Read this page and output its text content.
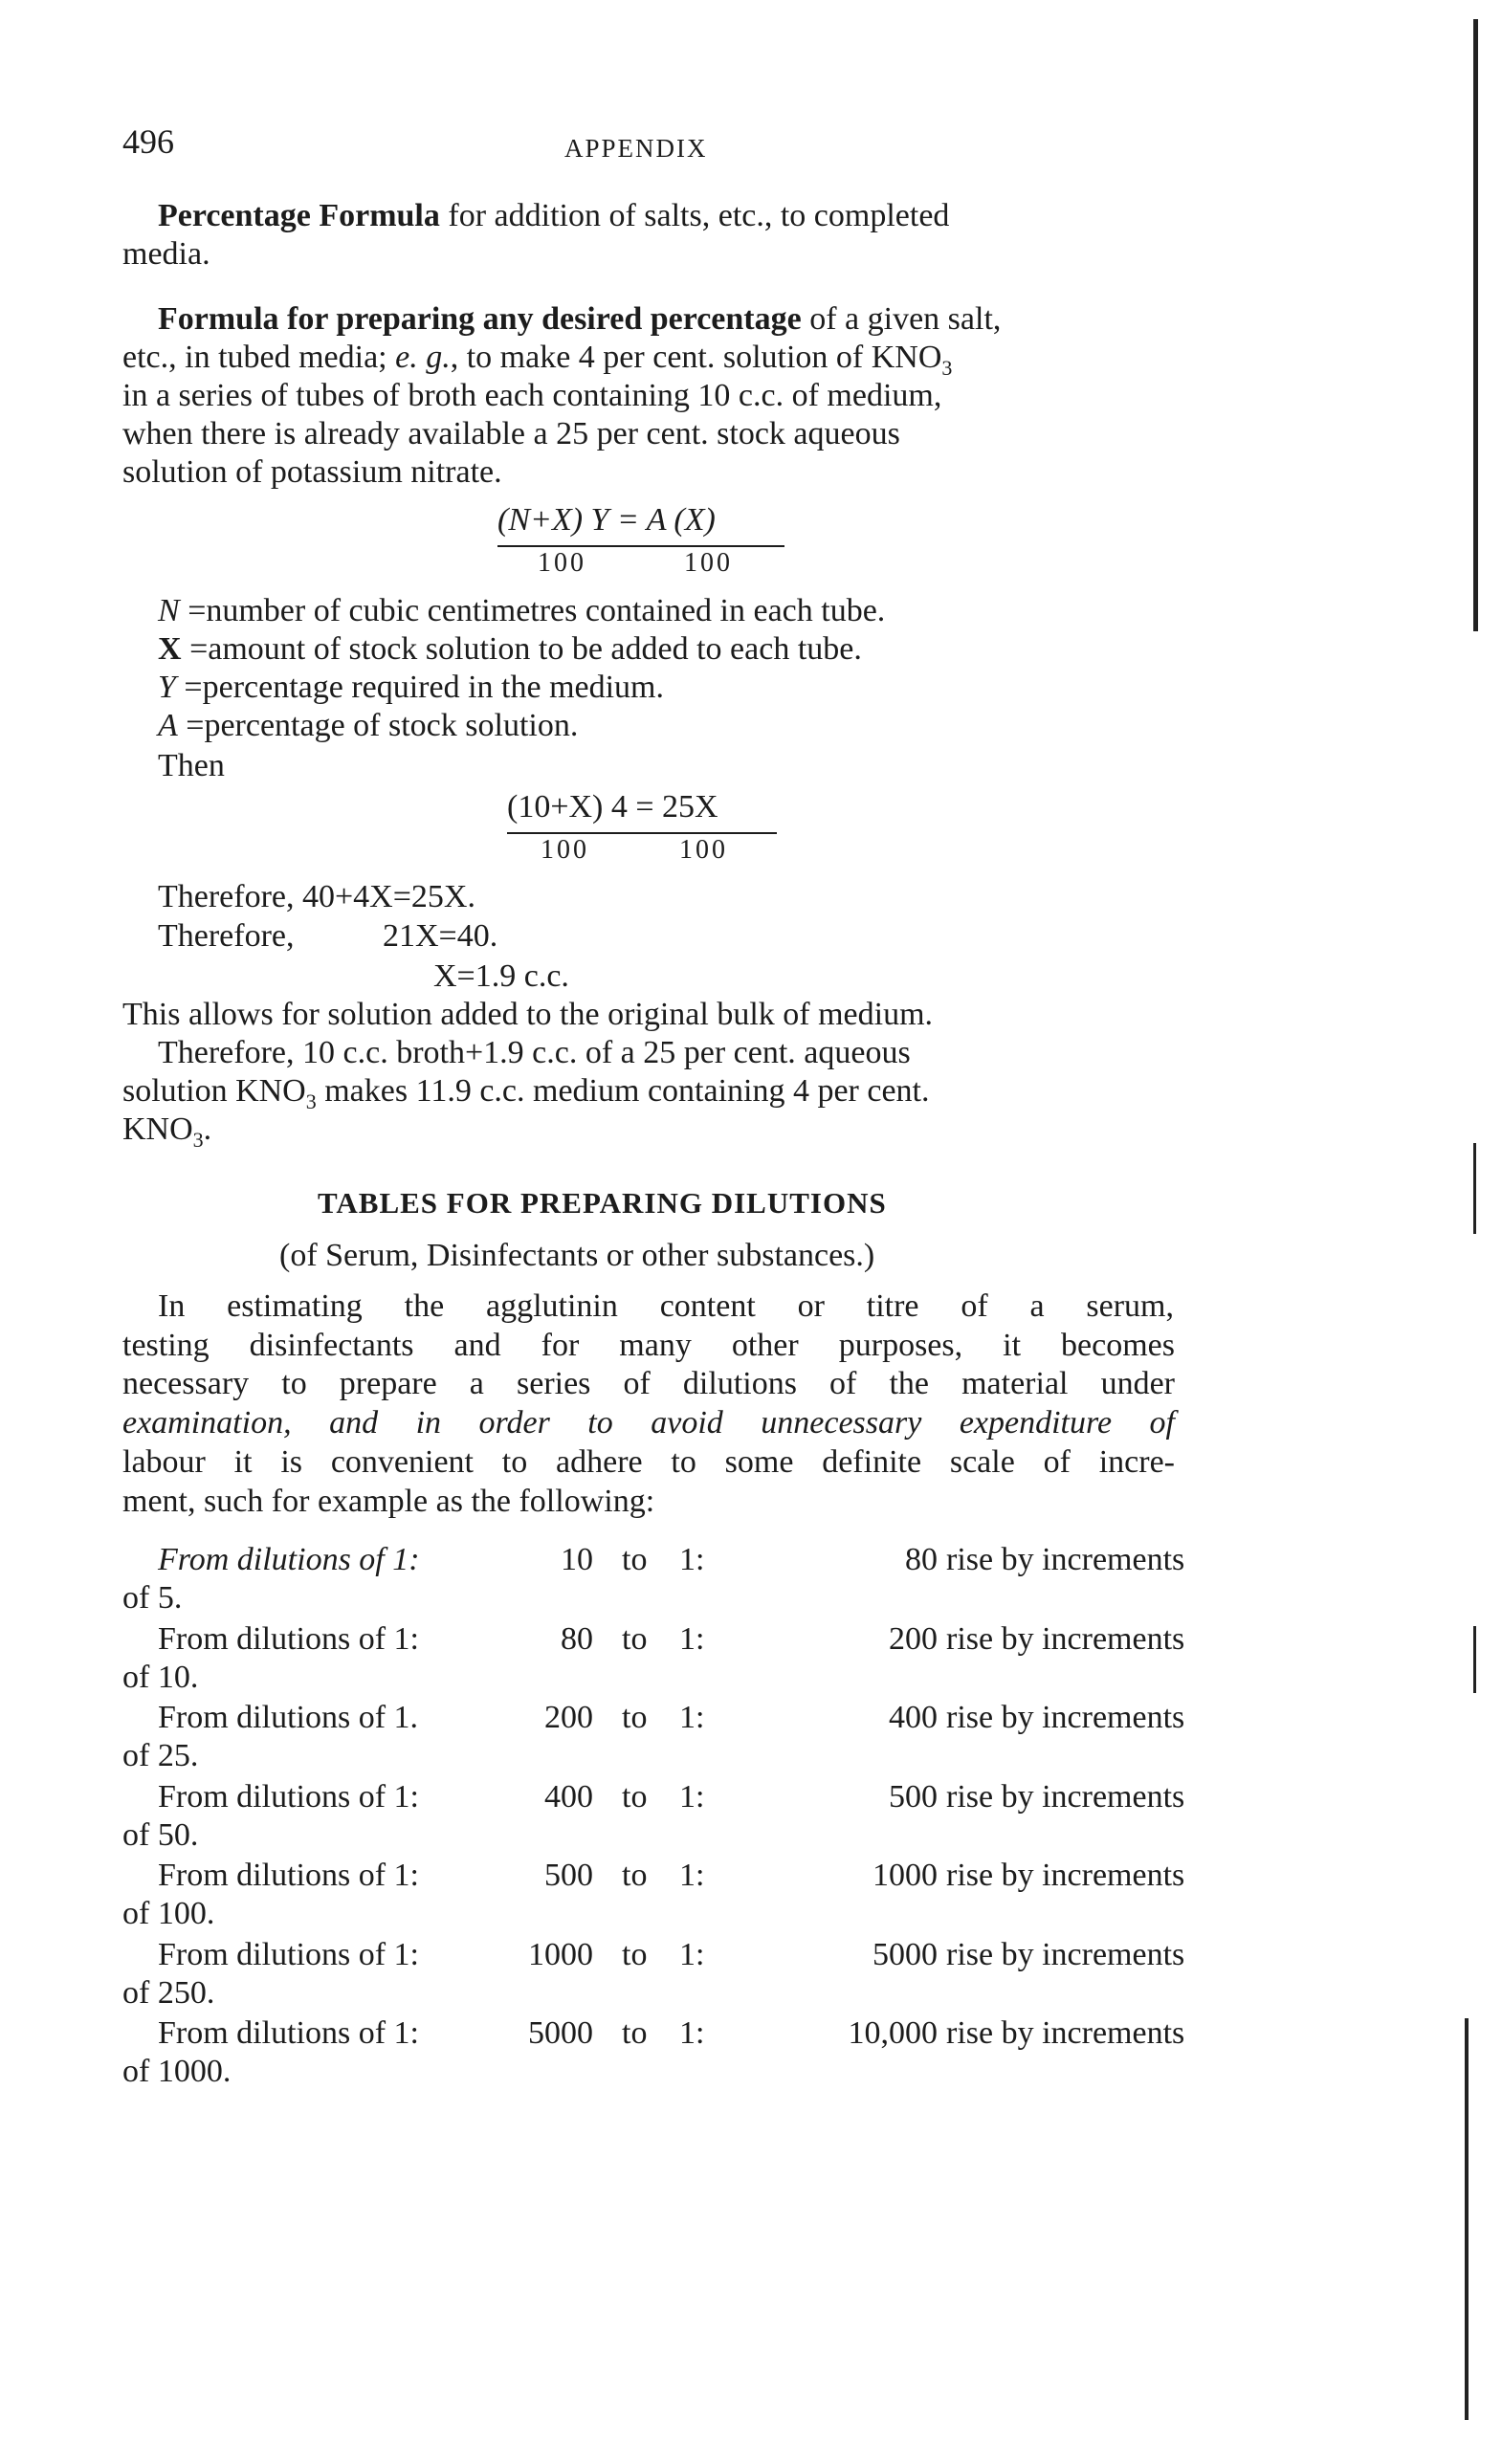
496	APPENDIX
Percentage Formula for addition of salts, etc., to completed
media.
Formula for preparing any desired percentage of a given salt,
etc., in tubed media; e. g., to make 4 per cent. solution of $KNO_3$
in a series of tubes of broth each containing 10 c.c. of medium,
when there is already available a 25 per cent. stock aqueous
solution of potassium nitrate.
(N+X) Y = A (X)
100	100
N =number of cubic centimetres contained in each tube.
X =amount of stock solution to be added to each tube.
Y =percentage required in the medium.
A =percentage of stock solution.
Then
(10+X) 4 = 25X
100	100
Therefore, 40+4X=25X.
Therefore,	21X=40.
X=1.9 c.c.
This allows for solution added to the original bulk of medium.
Therefore, 10 c.c. broth+1.9 c.c. of a 25 per cent. aqueous
solution $KNO_3$ makes 11.9 c.c. medium containing 4 per cent.
$KNO_3$.
TABLES FOR PREPARING DILUTIONS
(of Serum, Disinfectants or other substances.)
In estimating the agglutinin content or titre of a serum,
testing disinfectants and for many other purposes, it becomes
necessary to prepare a series of dilutions of the material under
examination, and in order to avoid unnecessary expenditure of
labour it is convenient to adhere to some definite scale of incre-
ment, such for example as the following:
From dilutions of 1:	10 to 1:	80 rise by increments
of 5.
From dilutions of 1:	80 to 1:	200 rise by increments
of 10.
From dilutions of 1.	200 to 1:	400 rise by increments
of 25.
From dilutions of 1:	400 to 1:	500 rise by increments
of 50.
From dilutions of 1:	500 to 1:	1000 rise by increments
of 100.
From dilutions of 1:	1000 to 1:	5000 rise by increments
of 250.
From dilutions of 1:	5000 to 1:	10,000 rise by increments
of 1000.
